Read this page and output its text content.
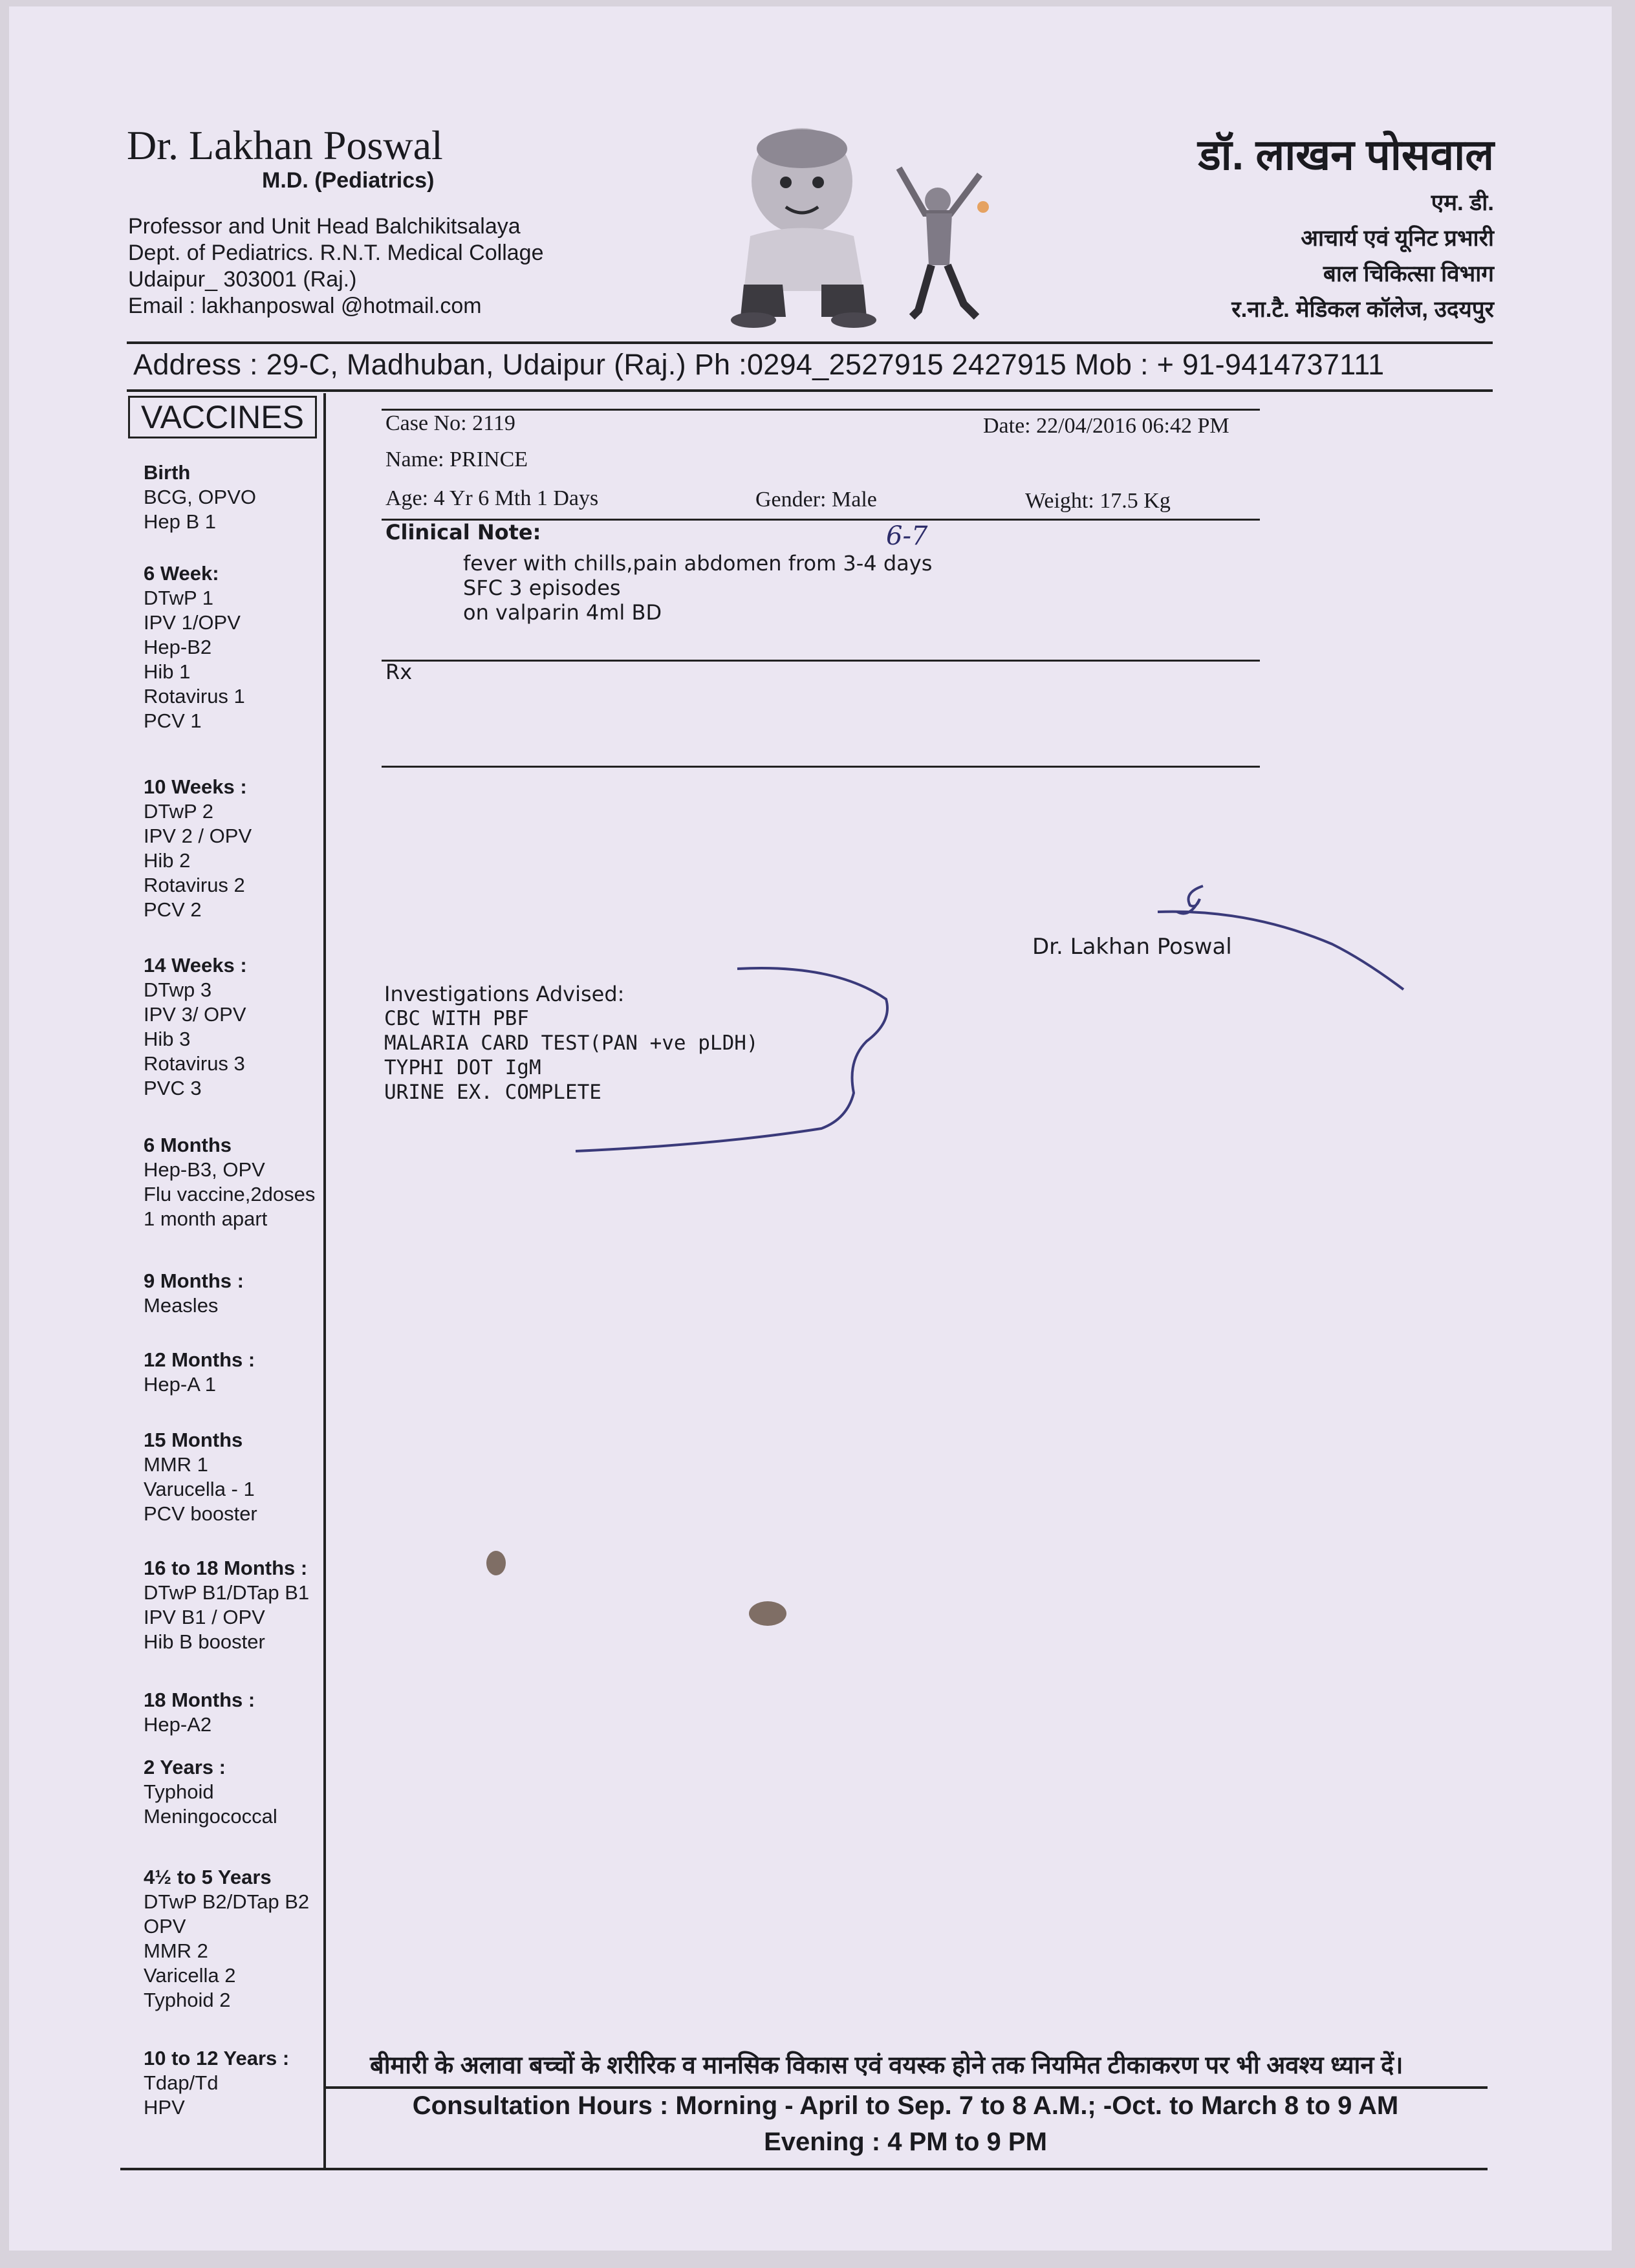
Dr. Lakhan Poswal
M.D. (Pediatrics)
Professor and Unit Head Balchikitsalaya
Dept. of Pediatrics. R.N.T. Medical Collage
Udaipur_ 303001 (Raj.)
Email : lakhanposwal @hotmail.com
डॉ. लाखन पोसवाल
एम. डी.
आचार्य एवं यूनिट प्रभारी
बाल चिकित्सा विभाग
र.ना.टै. मेडिकल कॉलेज, उदयपुर
Address : 29-C, Madhuban, Udaipur (Raj.) Ph :0294_2527915 2427915 Mob : + 91-9414737111
VACCINES
Birth
BCG, OPVO
Hep B 1
6 Week:
DTwP 1
IPV 1/OPV
Hep-B2
Hib 1
Rotavirus 1
PCV 1
10 Weeks :
DTwP 2
IPV 2 / OPV
Hib 2
Rotavirus 2
PCV 2
14 Weeks :
DTwp 3
IPV 3/ OPV
Hib 3
Rotavirus 3
PVC 3
6 Months
Hep-B3, OPV
Flu vaccine,2doses
1 month apart
9 Months :
Measles
12 Months :
Hep-A 1
15 Months
MMR 1
Varucella - 1
PCV booster
16 to 18 Months :
DTwP B1/DTap B1
IPV B1 / OPV
Hib B booster
18 Months :
Hep-A2
2 Years :
Typhoid
Meningococcal
4½ to 5 Years
DTwP B2/DTap B2
OPV
MMR 2
Varicella 2
Typhoid 2
10 to 12 Years :
Tdap/Td
HPV
Case No: 2119	Date: 22/04/2016 06:42 PM
Name: PRINCE
Age: 4 Yr 6 Mth 1 Days	Gender: Male	Weight: 17.5 Kg
Clinical Note:
fever with chills,pain abdomen from 3-4 days
SFC 3 episodes
on valparin 4ml BD
6-7
Rx
Dr. Lakhan Poswal
Investigations Advised:
CBC WITH PBF
MALARIA CARD TEST(PAN +ve pLDH)
TYPHI DOT IgM
URINE EX. COMPLETE
बीमारी के अलावा बच्चों के शरीरिक व मानसिक विकास एवं वयस्क होने तक नियमित टीकाकरण पर भी अवश्य ध्यान दें।
Consultation Hours : Morning - April to Sep. 7 to 8 A.M.; -Oct. to March 8 to 9 AM
Evening : 4 PM to 9 PM
